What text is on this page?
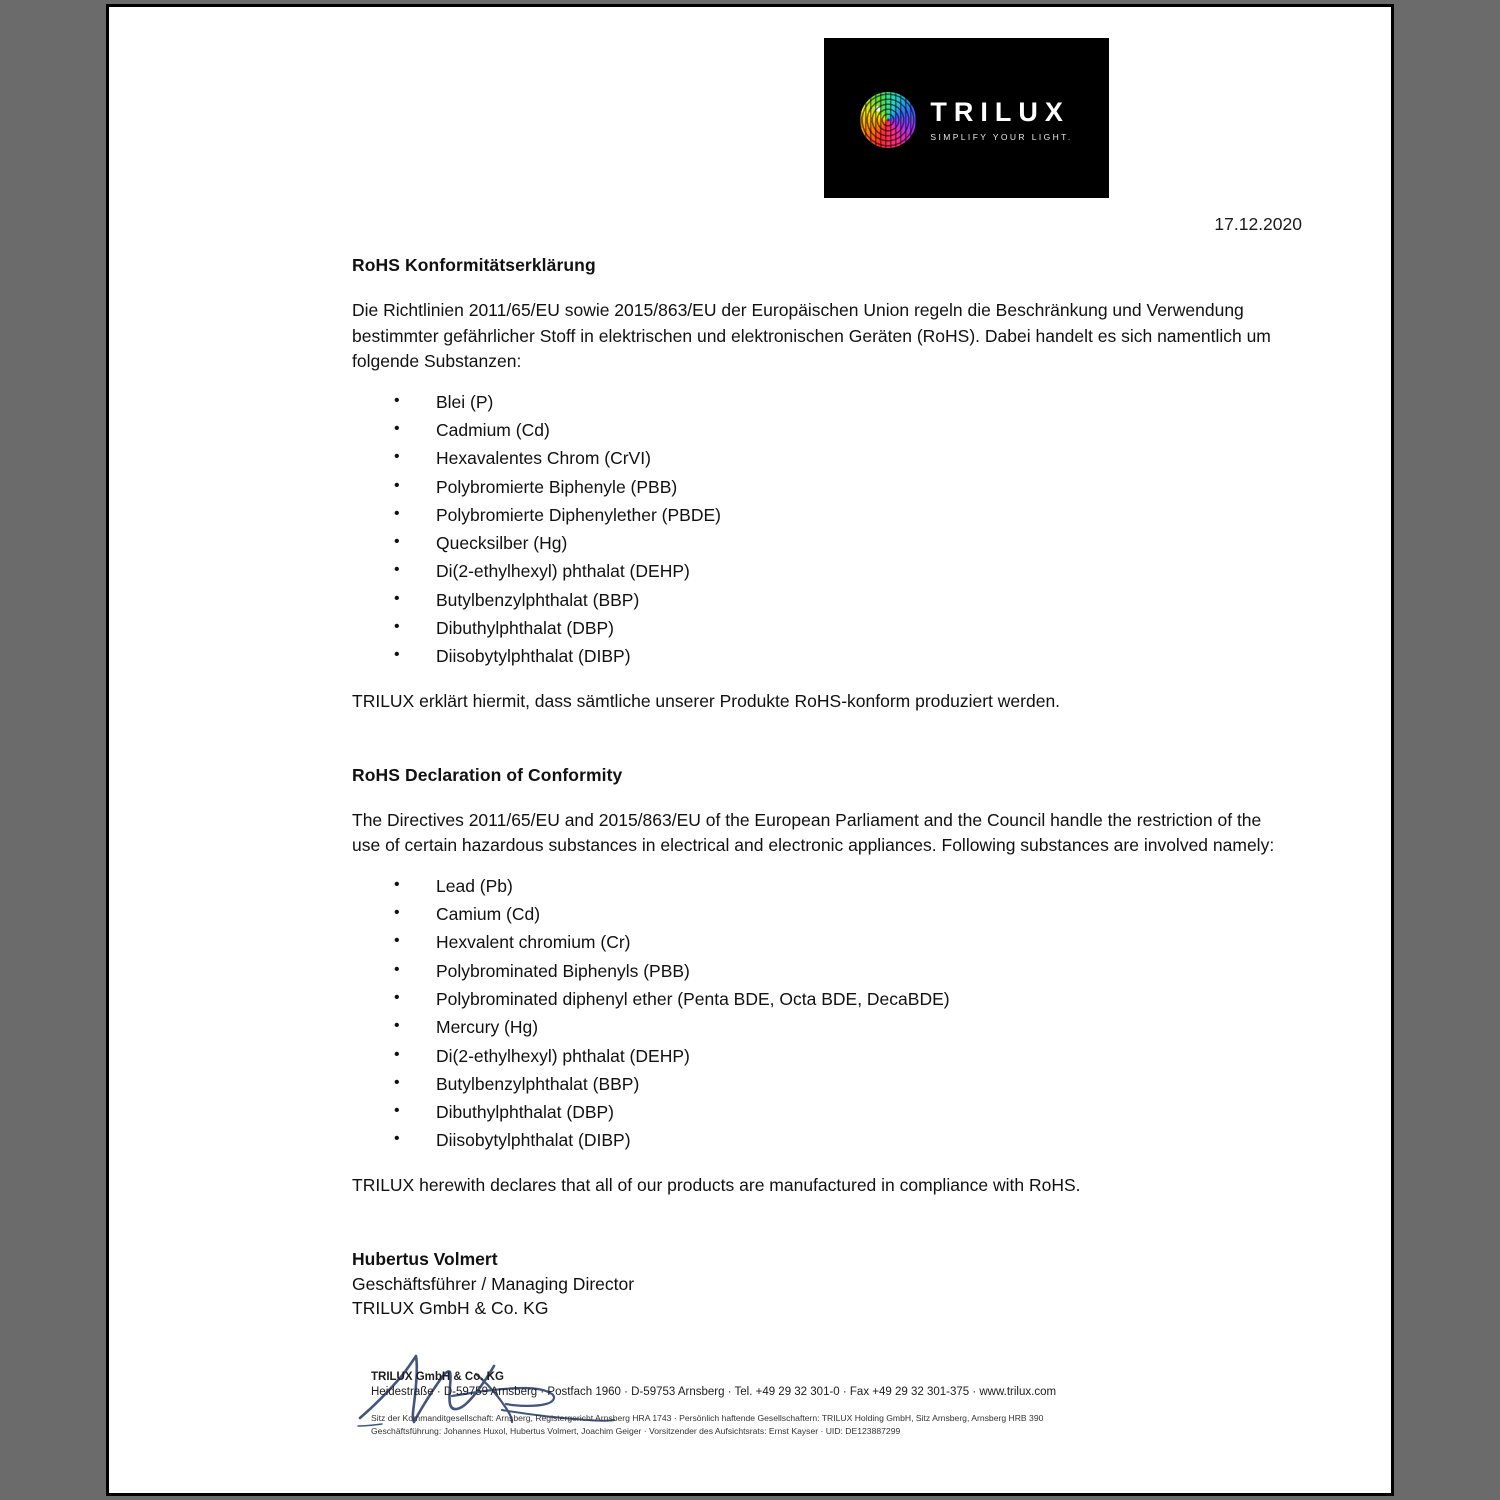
TRILUX
SIMPLIFY YOUR LIGHT.
17.12.2020
RoHS Konformitätserklärung

Die Richtlinien 2011/65/EU sowie 2015/863/EU der Europäischen Union regeln die Beschränkung und Verwendung bestimmter gefährlicher Stoff in elektrischen und elektronischen Geräten (RoHS). Dabei handelt es sich namentlich um folgende Substanzen:

• Blei (P)
• Cadmium (Cd)
• Hexavalentes Chrom (CrVI)
• Polybromierte Biphenyle (PBB)
• Polybromierte Diphenylether (PBDE)
• Quecksilber (Hg)
• Di(2-ethylhexyl) phthalat (DEHP)
• Butylbenzylphthalat (BBP)
• Dibuthylphthalat (DBP)
• Diisobytylphthalat (DIBP)

TRILUX erklärt hiermit, dass sämtliche unserer Produkte RoHS-konform produziert werden.

RoHS Declaration of Conformity

The Directives 2011/65/EU and 2015/863/EU of the European Parliament and the Council handle the restriction of the use of certain hazardous substances in electrical and electronic appliances. Following substances are involved namely:

• Lead (Pb)
• Camium (Cd)
• Hexvalent chromium (Cr)
• Polybrominated Biphenyls (PBB)
• Polybrominated diphenyl ether (Penta BDE, Octa BDE, DecaBDE)
• Mercury (Hg)
• Di(2-ethylhexyl) phthalat (DEHP)
• Butylbenzylphthalat (BBP)
• Dibuthylphthalat (DBP)
• Diisobytylphthalat (DIBP)

TRILUX herewith declares that all of our products are manufactured in compliance with RoHS.

Hubertus Volmert

Geschäftsführer / Managing Director

TRILUX GmbH & Co. KG

TRILUX GmbH & Co. KG

Heidestraße · D-59759 Arnsberg · Postfach 1960 · D-59753 Arnsberg · Tel. +49 29 32 301-0 · Fax +49 29 32 301-375 · www.trilux.com

Sitz der Kommanditgesellschaft: Arnsberg, Registergericht Arnsberg HRA 1743 · Persönlich haftende Gesellschaftern: TRILUX Holding GmbH, Sitz Arnsberg, Arnsberg HRB 390

Geschäftsführung: Johannes Huxol, Hubertus Volmert, Joachim Geiger · Vorsitzender des Aufsichtsrats: Ernst Kayser · UID: DE123887299
